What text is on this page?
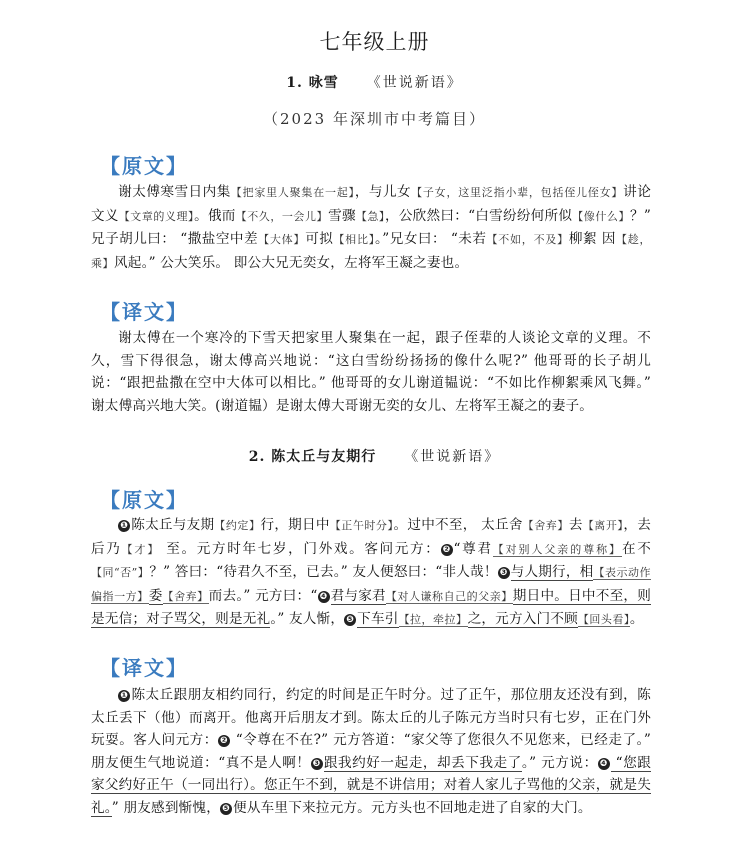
七年级上册
1. 咏雪 《世说新语》
（2023 年深圳市中考篇目）
【原文】
谢太傅寒雪日内集【把家里人聚集在一起】，与儿女【子女，这里泛指小辈，包括侄儿侄女】讲论文义【文章的义理】。俄而【不久，一会儿】雪骤【急】，公欣然曰：“白雪纷纷何所似【像什么】？” 兄子胡儿曰： “撒盐空中差【大体】可拟【相比】。”兄女曰： “未若【不如，不及】柳絮 因【趁，乘】风起。” 公大笑乐。 即公大兄无奕女，左将军王凝之妻也。
【译文】
谢太傅在一个寒冷的下雪天把家里人聚集在一起，跟子侄辈的人谈论文章的义理。不久，雪下得很急，谢太傅高兴地说：“这白雪纷纷扬扬的像什么呢?” 他哥哥的长子胡儿说：“跟把盐撒在空中大体可以相比。” 他哥哥的女儿谢道韫说：“不如比作柳絮乘风飞舞。” 谢太傅高兴地大笑。(谢道韫）是谢太傅大哥谢无奕的女儿、左将军王凝之的妻子。
2. 陈太丘与友期行 《世说新语》
【原文】
❶ 陈太丘与友期【约定】行，期日中【正午时分】。过中不至， 太丘舍【舍弃】去【离开】，去后乃【才】 至。元方时年七岁，门外戏。客问元方： ❷ “尊君【对别人父亲的尊称】在不【同“否”】？” 答曰：“待君久不至，已去。” 友人便怒曰：“非人哉！ ❸ 与人期行，相【表示动作偏指一方】委【舍弃】而去。” 元方曰：“ ❹ 君与家君【对人谦称自己的父亲】期日中。日中不至，则是无信；对子骂父，则是无礼。” 友人惭， ❺ 下车引【拉，牵拉】之，元方入门不顾【回头看】。
【译文】
❶ 陈太丘跟朋友相约同行，约定的时间是正午时分。过了正午，那位朋友还没有到，陈太丘丢下（他）而离开。他离开后朋友才到。陈太丘的儿子陈元方当时只有七岁，正在门外玩耍。客人问元方： ❷ “令尊在不在?” 元方答道：“家父等了您很久不见您来，已经走了。” 朋友便生气地说道：“真不是人啊！ ❸ 跟我约好一起走，却丢下我走了。” 元方说： ❹ “您跟家父约好正午（一同出行）。您正午不到，就是不讲信用；对着人家儿子骂他的父亲，就是失礼。” 朋友感到惭愧， ❺ 便从车里下来拉元方。元方头也不回地走进了自家的大门。
